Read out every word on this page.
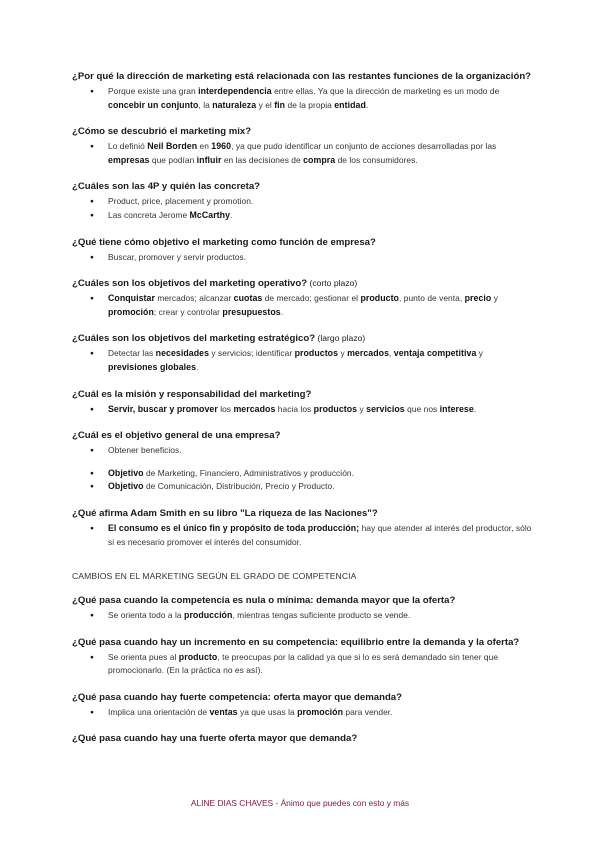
¿Por qué la dirección de marketing está relacionada con las restantes funciones de la organización?

● Porque existe una gran interdependencia entre ellas. Ya que la dirección de marketing es un modo de concebir un conjunto, la naturaleza y el fin de la propia entidad.

¿Cómo se descubrió el marketing mix?

● Lo definió Neil Borden en 1960, ya que pudo identificar un conjunto de acciones desarrolladas por las empresas que podían influir en las decisiones de compra de los consumidores.

¿Cuáles son las 4P y quién las concreta?

● Product, price, placement y promotion.
● Las concreta Jerome McCarthy.

¿Qué tiene cómo objetivo el marketing como función de empresa?

● Buscar, promover y servir productos.

¿Cuáles son los objetivos del marketing operativo? (corto plazo)

● Conquistar mercados; alcanzar cuotas de mercado; gestionar el producto, punto de venta, precio y promoción; crear y controlar presupuestos.

¿Cuáles son los objetivos del marketing estratégico? (largo plazo)

● Detectar las necesidades y servicios; identificar productos y mercados, ventaja competitiva y previsiones globales.

¿Cuál es la misión y responsabilidad del marketing?

● Servir, buscar y promover los mercados hacia los productos y servicios que nos interese.

¿Cuál es el objetivo general de una empresa?

● Obtener beneficios.
● Objetivo de Marketing, Financiero, Administrativos y producción.
● Objetivo de Comunicación, Distribución, Precio y Producto.

¿Qué afirma Adam Smith en su libro "La riqueza de las Naciones"?

● El consumo es el único fin y propósito de toda producción; hay que atender al interés del productor, sólo si es necesario promover el interés del consumidor.
CAMBIOS EN EL MARKETING SEGÚN EL GRADO DE COMPETENCIA

¿Qué pasa cuando la competencia es nula o mínima: demanda mayor que la oferta?

● Se orienta todo a la producción, mientras tengas suficiente producto se vende.

¿Qué pasa cuando hay un incremento en su competencia: equilibrio entre la demanda y la oferta?

● Se orienta pues al producto, te preocupas por la calidad ya que si lo es será demandado sin tener que promocionarlo. (En la práctica no es así).

¿Qué pasa cuando hay fuerte competencia: oferta mayor que demanda?

● Implica una orientación de ventas ya que usas la promoción para vender.

¿Qué pasa cuando hay una fuerte oferta mayor que demanda?

ALINE DIAS CHAVES - Ánimo que puedes con esto y más
